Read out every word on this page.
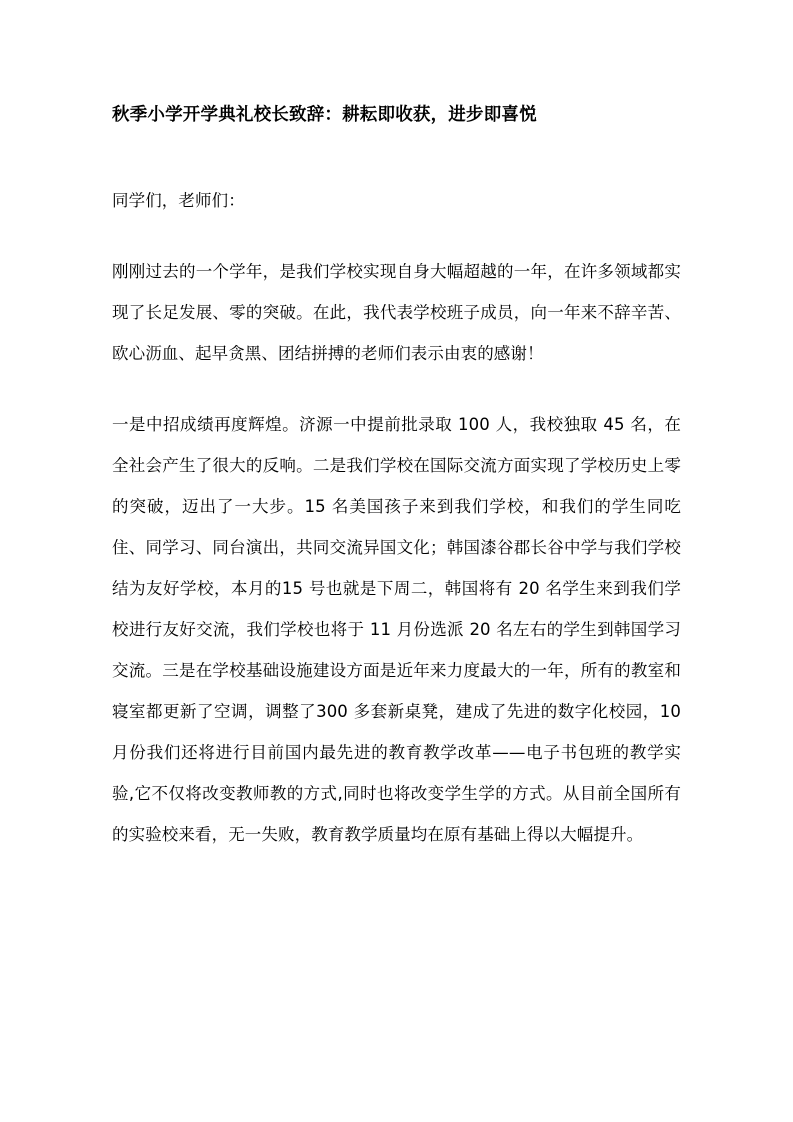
秋季小学开学典礼校长致辞：耕耘即收获，进步即喜悦

同学们，老师们：

刚刚过去的一个学年，是我们学校实现自身大幅超越的一年，在许多领域都实现了长足发展、零的突破。在此，我代表学校班子成员，向一年来不辞辛苦、欧心沥血、起早贪黑、团结拼搏的老师们表示由衷的感谢！

一是中招成绩再度辉煌。济源一中提前批录取 100 人，我校独取 45 名，在全社会产生了很大的反响。二是我们学校在国际交流方面实现了学校历史上零的突破，迈出了一大步。15 名美国孩子来到我们学校，和我们的学生同吃住、同学习、同台演出，共同交流异国文化；韩国漆谷郡长谷中学与我们学校结为友好学校，本月的15 号也就是下周二，韩国将有 20 名学生来到我们学校进行友好交流，我们学校也将于 11 月份选派 20 名左右的学生到韩国学习交流。三是在学校基础设施建设方面是近年来力度最大的一年，所有的教室和寝室都更新了空调，调整了300 多套新桌凳，建成了先进的数字化校园，10 月份我们还将进行目前国内最先进的教育教学改革——电子书包班的教学实验,它不仅将改变教师教的方式,同时也将改变学生学的方式。从目前全国所有的实验校来看，无一失败，教育教学质量均在原有基础上得以大幅提升。
